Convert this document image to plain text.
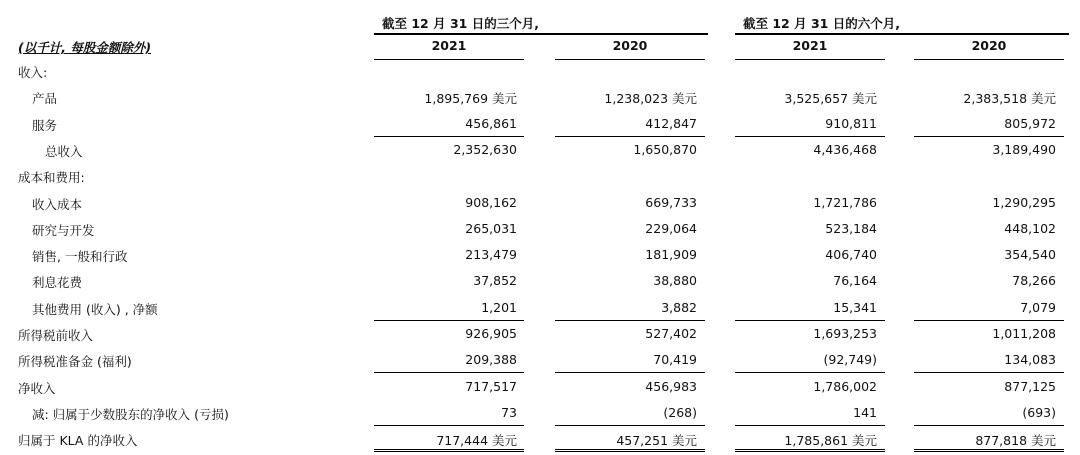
截至 12 月 31 日的三个月,	截至 12 月 31 日的六个月,
(以千计, 每股金额除外)	2021	2020	2021	2020
收入:
产品	1,895,769 美元	1,238,023 美元	3,525,657 美元	2,383,518 美元
服务	456,861	412,847	910,811	805,972
总收入	2,352,630	1,650,870	4,436,468	3,189,490
成本和费用:
收入成本	908,162	669,733	1,721,786	1,290,295
研究与开发	265,031	229,064	523,184	448,102
销售, 一般和行政	213,479	181,909	406,740	354,540
利息花费	37,852	38,880	76,164	78,266
其他费用 (收入) , 净额	1,201	3,882	15,341	7,079
所得税前收入	926,905	527,402	1,693,253	1,011,208
所得税准备金 (福利)	209,388	70,419	(92,749)	134,083
净收入	717,517	456,983	1,786,002	877,125
减: 归属于少数股东的净收入 (亏损)	73	(268)	141	(693)
归属于 KLA 的净收入	717,444 美元	457,251 美元	1,785,861 美元	877,818 美元
